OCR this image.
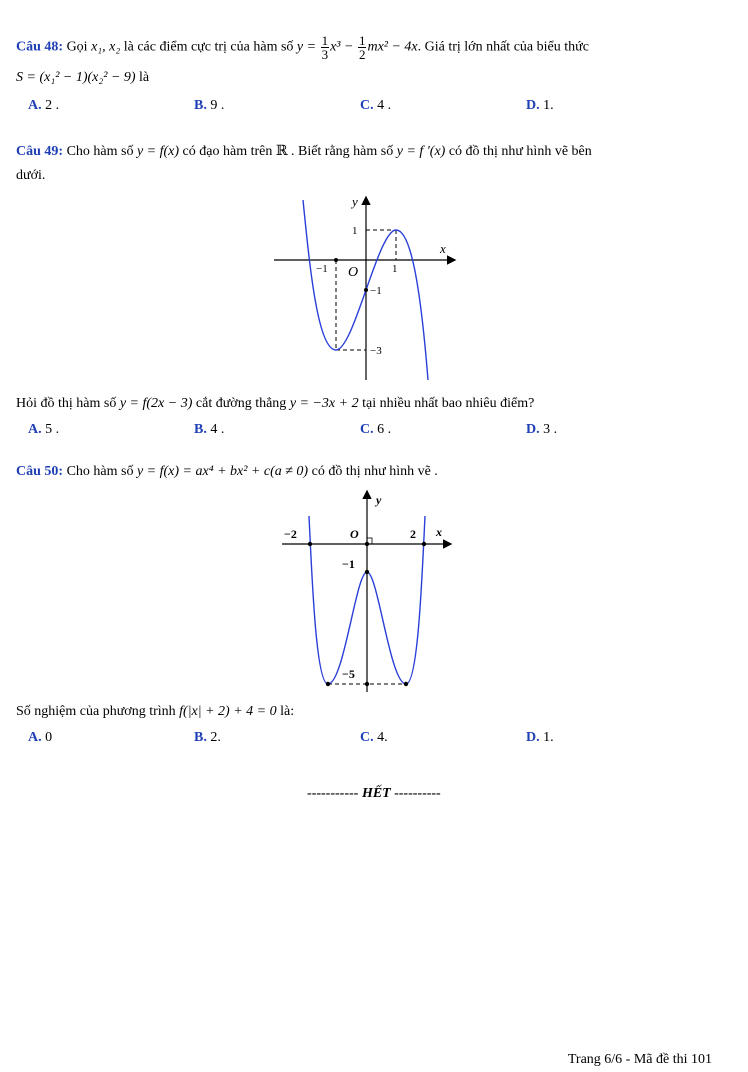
Câu 48: Gọi x₁, x₂ là các điểm cực trị của hàm số $y = \frac{1}{3} x^3 - \frac{1}{2} mx^2 - 4x$. Giá trị lớn nhất của biểu thức
S = (x₁² − 1)(x₂² − 9) là
A. 2 .	B. 9 .	C. 4 .	D. 1.
Câu 49: Cho hàm số y = f(x) có đạo hàm trên ℝ . Biết rằng hàm số y = f '(x) có đồ thị như hình vẽ bên
dưới.
y
x
O
−1	1
1
−1
−3
Hỏi đồ thị hàm số y = f(2x − 3) cắt đường thẳng y = −3x + 2 tại nhiều nhất bao nhiêu điểm?
A. 5 .	B. 4 .	C. 6 .	D. 3 .
Câu 50: Cho hàm số y = f(x) = ax⁴ + bx² + c(a ≠ 0) có đồ thị như hình vẽ .
y
x
O
−2	2
−1
−5
Số nghiệm của phương trình f(|x| + 2) + 4 = 0 là:
A. 0	B. 2.	C. 4.	D. 1.
----------- HẾT ----------
Trang 6/6 - Mã đề thi 101
